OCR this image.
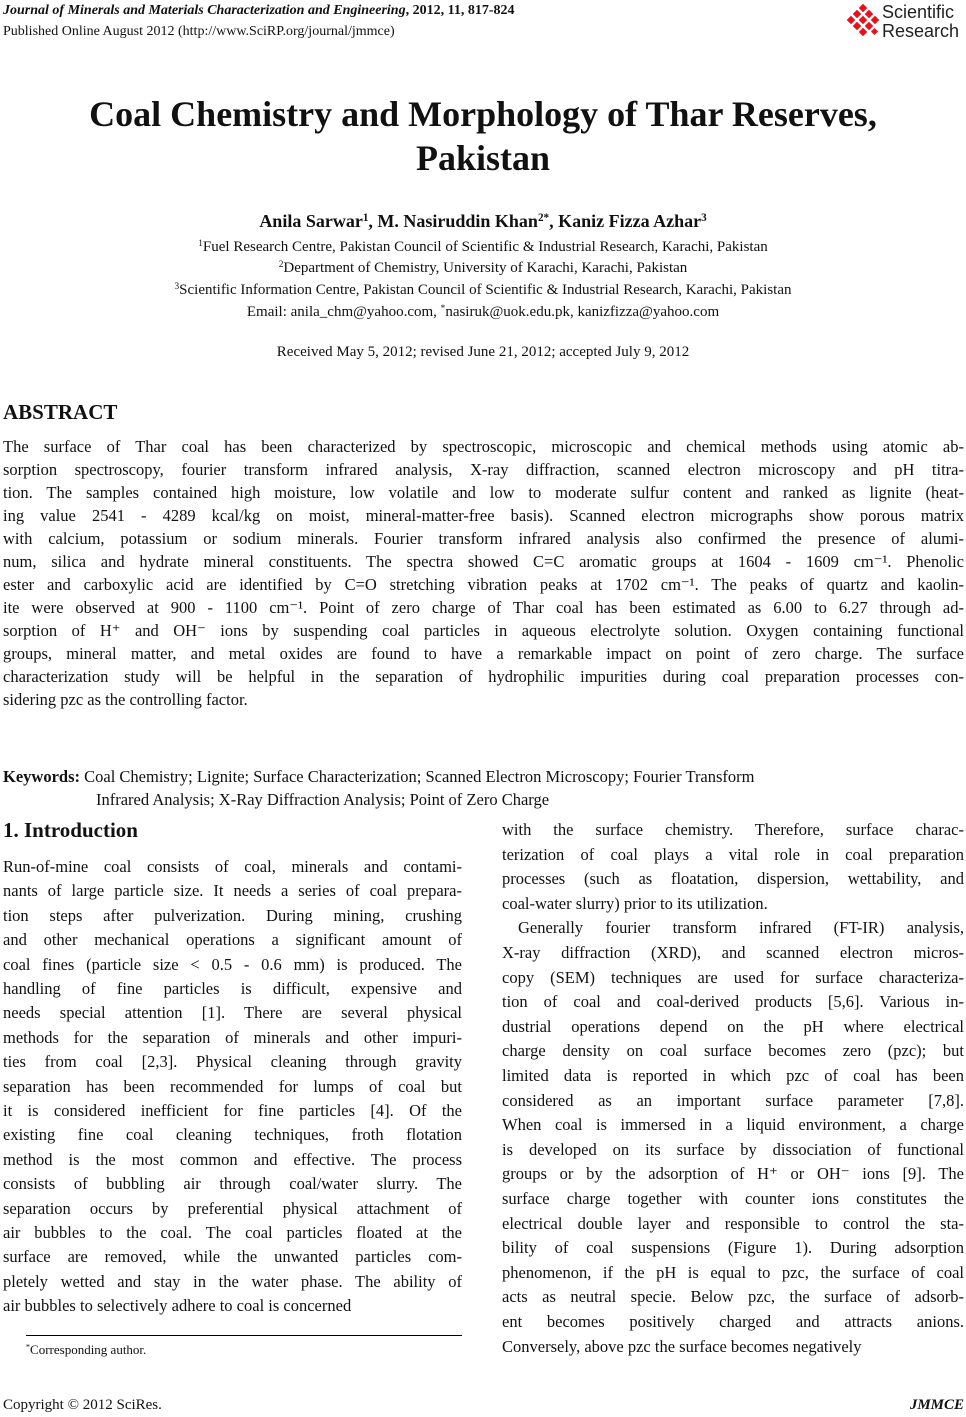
Journal of Minerals and Materials Characterization and Engineering, 2012, 11, 817-824
Published Online August 2012 (http://www.SciRP.org/journal/jmmce)
Scientific
Research
Coal Chemistry and Morphology of Thar Reserves,
Pakistan
Anila Sarwar$^1$, M. Nasiruddin Khan$^{2*}$, Kaniz Fizza Azhar$^3$
$^1$Fuel Research Centre, Pakistan Council of Scientific & Industrial Research, Karachi, Pakistan
$^2$Department of Chemistry, University of Karachi, Karachi, Pakistan
$^3$Scientific Information Centre, Pakistan Council of Scientific & Industrial Research, Karachi, Pakistan
Email: anila_chm@yahoo.com, *nasiruk@uok.edu.pk, kanizfizza@yahoo.com
Received May 5, 2012; revised June 21, 2012; accepted July 9, 2012
ABSTRACT
The surface of Thar coal has been characterized by spectroscopic, microscopic and chemical methods using atomic ab-
sorption spectroscopy, fourier transform infrared analysis, X-ray diffraction, scanned electron microscopy and pH titra-
tion. The samples contained high moisture, low volatile and low to moderate sulfur content and ranked as lignite (heat-
ing value 2541 - 4289 kcal/kg on moist, mineral-matter-free basis). Scanned electron micrographs show porous matrix
with calcium, potassium or sodium minerals. Fourier transform infrared analysis also confirmed the presence of alumi-
num, silica and hydrate mineral constituents. The spectra showed C=C aromatic groups at 1604 - 1609 cm⁻¹. Phenolic
ester and carboxylic acid are identified by C=O stretching vibration peaks at 1702 cm⁻¹. The peaks of quartz and kaolin-
ite were observed at 900 - 1100 cm⁻¹. Point of zero charge of Thar coal has been estimated as 6.00 to 6.27 through ad-
sorption of H⁺ and OH⁻ ions by suspending coal particles in aqueous electrolyte solution. Oxygen containing functional
groups, mineral matter, and metal oxides are found to have a remarkable impact on point of zero charge. The surface
characterization study will be helpful in the separation of hydrophilic impurities during coal preparation processes con-
sidering pzc as the controlling factor.
Keywords: Coal Chemistry; Lignite; Surface Characterization; Scanned Electron Microscopy; Fourier Transform
Infrared Analysis; X-Ray Diffraction Analysis; Point of Zero Charge
1. Introduction
Run-of-mine coal consists of coal, minerals and contami-
nants of large particle size. It needs a series of coal prepara-
tion steps after pulverization. During mining, crushing
and other mechanical operations a significant amount of
coal fines (particle size < 0.5 - 0.6 mm) is produced. The
handling of fine particles is difficult, expensive and
needs special attention [1]. There are several physical
methods for the separation of minerals and other impuri-
ties from coal [2,3]. Physical cleaning through gravity
separation has been recommended for lumps of coal but
it is considered inefficient for fine particles [4]. Of the
existing fine coal cleaning techniques, froth flotation
method is the most common and effective. The process
consists of bubbling air through coal/water slurry. The
separation occurs by preferential physical attachment of
air bubbles to the coal. The coal particles floated at the
surface are removed, while the unwanted particles com-
pletely wetted and stay in the water phase. The ability of
air bubbles to selectively adhere to coal is concerned
with the surface chemistry. Therefore, surface charac-
terization of coal plays a vital role in coal preparation
processes (such as floatation, dispersion, wettability, and
coal-water slurry) prior to its utilization.
Generally fourier transform infrared (FT-IR) analysis,
X-ray diffraction (XRD), and scanned electron micros-
copy (SEM) techniques are used for surface characteriza-
tion of coal and coal-derived products [5,6]. Various in-
dustrial operations depend on the pH where electrical
charge density on coal surface becomes zero (pzc); but
limited data is reported in which pzc of coal has been
considered as an important surface parameter [7,8].
When coal is immersed in a liquid environment, a charge
is developed on its surface by dissociation of functional
groups or by the adsorption of H⁺ or OH⁻ ions [9]. The
surface charge together with counter ions constitutes the
electrical double layer and responsible to control the sta-
bility of coal suspensions (Figure 1). During adsorption
phenomenon, if the pH is equal to pzc, the surface of coal
acts as neutral specie. Below pzc, the surface of adsorb-
ent becomes positively charged and attracts anions.
Conversely, above pzc the surface becomes negatively
*Corresponding author.
Copyright © 2012 SciRes.	JMMCE
